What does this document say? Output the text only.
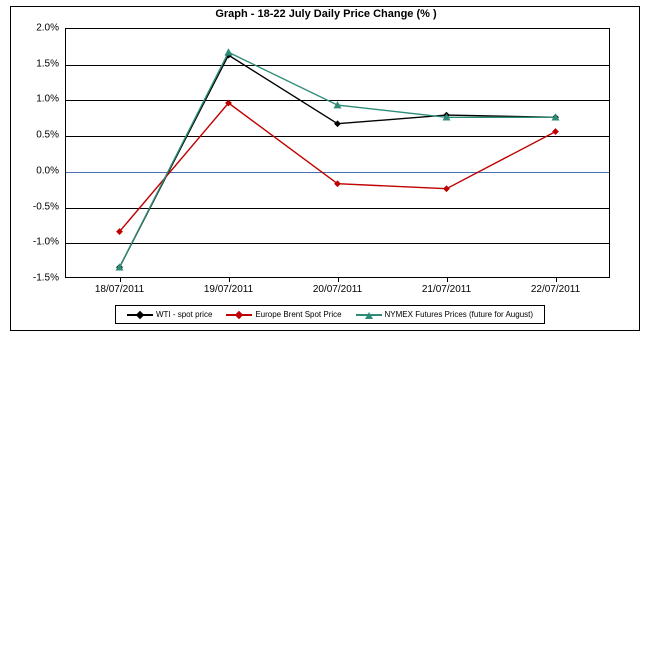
Graph - 18-22 July Daily Price Change (% )
2.0%
1.5%
1.0%
0.5%
0.0%
-0.5%
-1.0%
-1.5%
WTI - spot price	Europe Brent Spot Price	NYMEX Futures Prices (future for August)
18/07/2011	19/07/2011	20/07/2011	21/07/2011	22/07/2011
